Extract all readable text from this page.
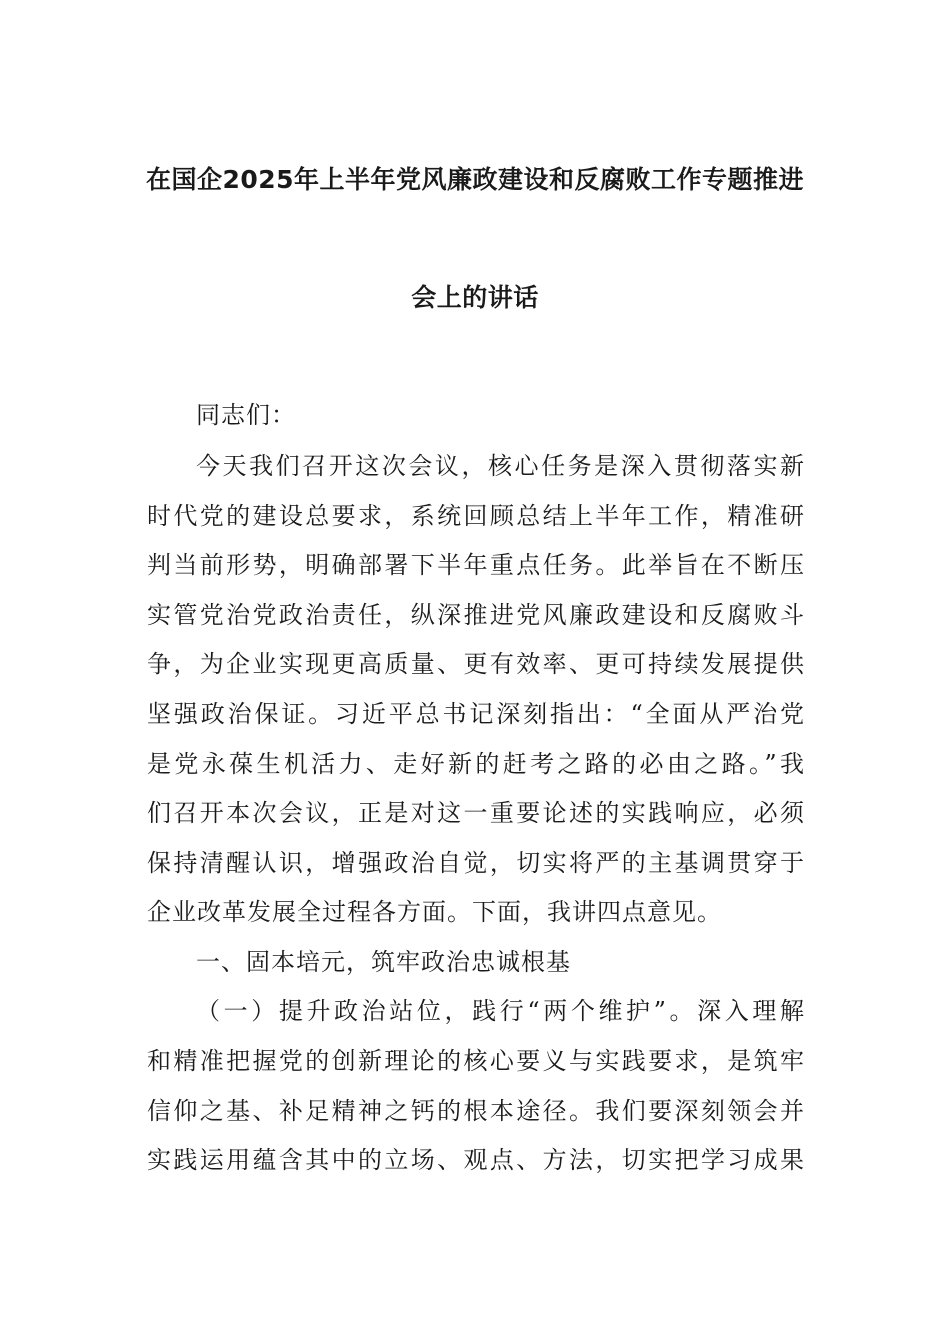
在国企2025年上半年党风廉政建设和反腐败工作专题推进
会上的讲话
同志们：
今天我们召开这次会议，核心任务是深入贯彻落实新
时代党的建设总要求，系统回顾总结上半年工作，精准研
判当前形势，明确部署下半年重点任务。此举旨在不断压
实管党治党政治责任，纵深推进党风廉政建设和反腐败斗
争，为企业实现更高质量、更有效率、更可持续发展提供
坚强政治保证。习近平总书记深刻指出：“全面从严治党
是党永葆生机活力、走好新的赶考之路的必由之路。”我
们召开本次会议，正是对这一重要论述的实践响应，必须
保持清醒认识，增强政治自觉，切实将严的主基调贯穿于
企业改革发展全过程各方面。下面，我讲四点意见。
一、固本培元，筑牢政治忠诚根基
（一）提升政治站位，践行“两个维护”。深入理解
和精准把握党的创新理论的核心要义与实践要求，是筑牢
信仰之基、补足精神之钙的根本途径。我们要深刻领会并
实践运用蕴含其中的立场、观点、方法，切实把学习成果
